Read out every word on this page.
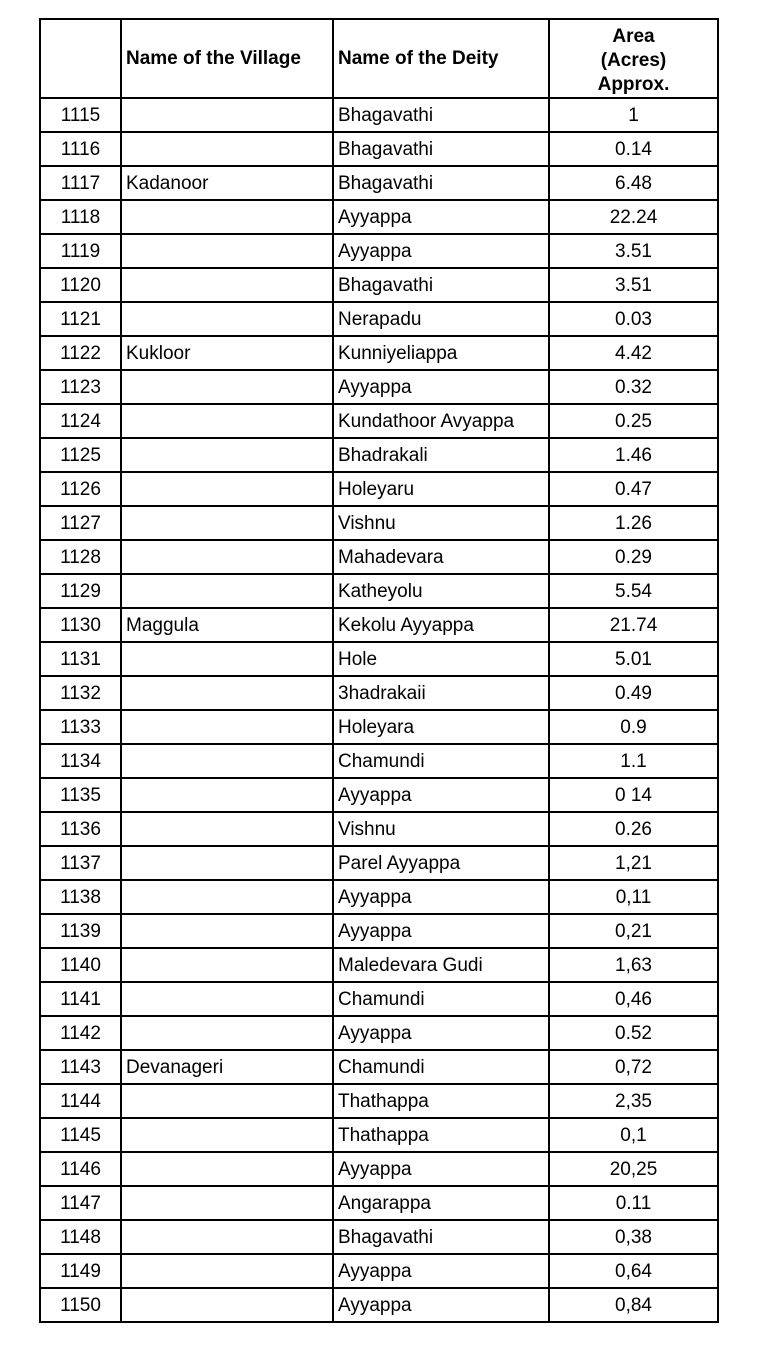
	Name of the Village	Name of the Deity	Area
(Acres)
Approx.

1115		Bhagavathi	1
1116		Bhagavathi	0.14
1117	Kadanoor	Bhagavathi	6.48
1118		Ayyappa	22.24
1119		Ayyappa	3.51
1120		Bhagavathi	3.51
1121		Nerapadu	0.03
1122	Kukloor	Kunniyeliappa	4.42
1123		Ayyappa	0.32
1124		Kundathoor Avyappa	0.25
1125		Bhadrakali	1.46
1126		Holeyaru	0.47
1127		Vishnu	1.26
1128		Mahadevara	0.29
1129		Katheyolu	5.54
1130	Maggula	Kekolu Ayyappa	21.74
1131		Hole	5.01
1132		3hadrakaii	0.49
1133		Holeyara	0.9
1134		Chamundi	1.1
1135		Ayyappa	0 14
1136		Vishnu	0.26
1137		Parel Ayyappa	1,21
1138		Ayyappa	0,11
1139		Ayyappa	0,21
1140		Maledevara Gudi	1,63
1141		Chamundi	0,46
1142		Ayyappa	0.52
1143	Devanageri	Chamundi	0,72
1144		Thathappa	2,35
1145		Thathappa	0,1
1146		Ayyappa	20,25
1147		Angarappa	0.11
1148		Bhagavathi	0,38
1149		Ayyappa	0,64
1150		Ayyappa	0,84
